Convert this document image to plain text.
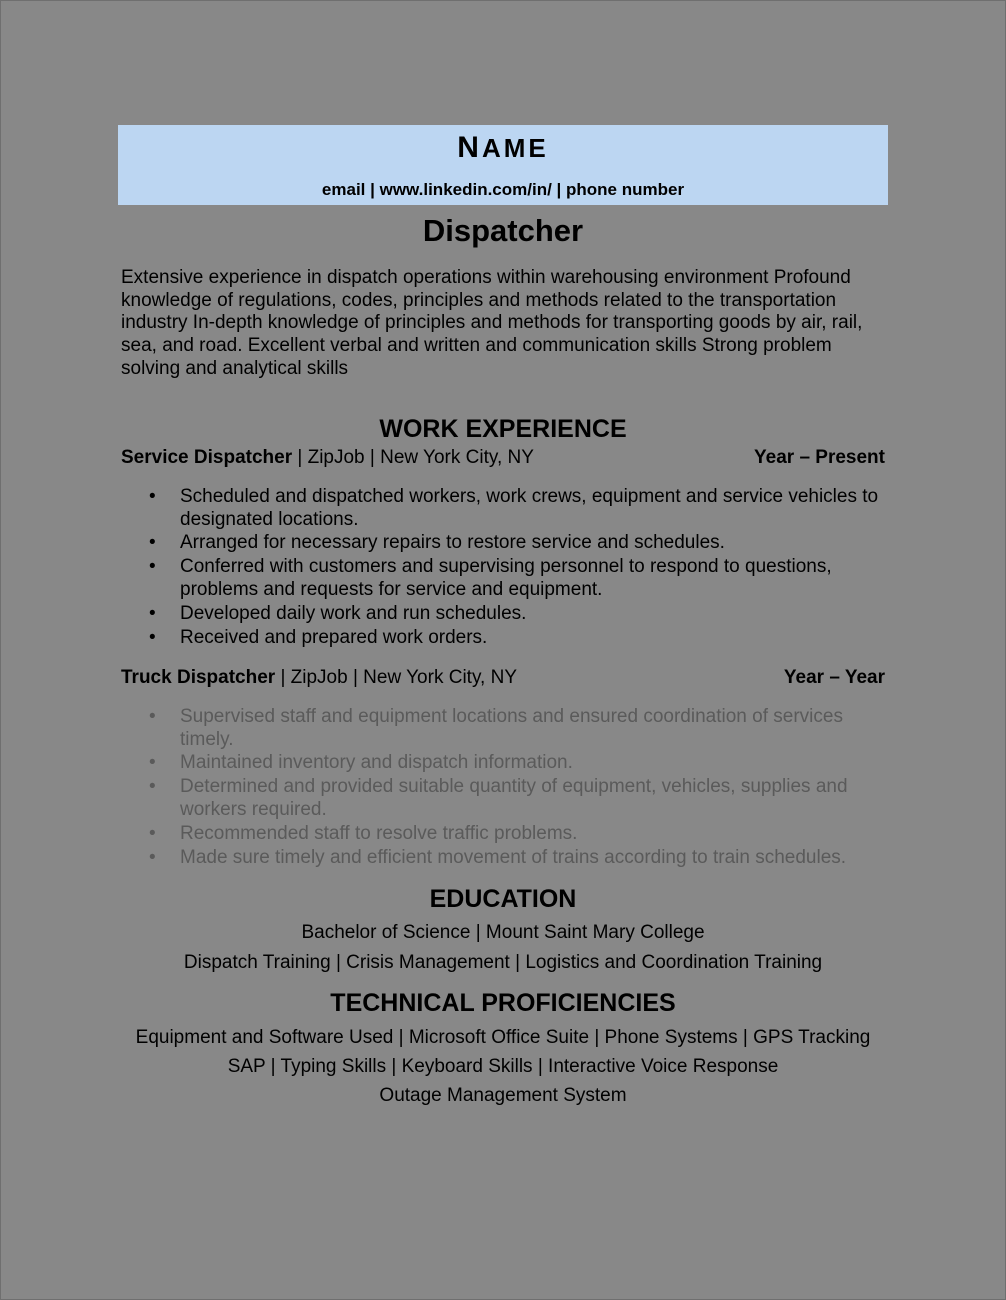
NAME
email | www.linkedin.com/in/ | phone number
Dispatcher
Extensive experience in dispatch operations within warehousing environment Profound knowledge of regulations, codes, principles and methods related to the transportation industry In-depth knowledge of principles and methods for transporting goods by air, rail, sea, and road. Excellent verbal and written and communication skills Strong problem solving and analytical skills
WORK EXPERIENCE
Service Dispatcher | ZipJob | New York City, NY	Year – Present
• Scheduled and dispatched workers, work crews, equipment and service vehicles to designated locations.
• Arranged for necessary repairs to restore service and schedules.
• Conferred with customers and supervising personnel to respond to questions, problems and requests for service and equipment.
• Developed daily work and run schedules.
• Received and prepared work orders.
Truck Dispatcher | ZipJob | New York City, NY	Year – Year
• Supervised staff and equipment locations and ensured coordination of services timely.
• Maintained inventory and dispatch information.
• Determined and provided suitable quantity of equipment, vehicles, supplies and workers required.
• Recommended staff to resolve traffic problems.
• Made sure timely and efficient movement of trains according to train schedules.
EDUCATION
Bachelor of Science | Mount Saint Mary College
Dispatch Training | Crisis Management | Logistics and Coordination Training
TECHNICAL PROFICIENCIES
Equipment and Software Used | Microsoft Office Suite | Phone Systems | GPS Tracking
SAP | Typing Skills | Keyboard Skills | Interactive Voice Response
Outage Management System
